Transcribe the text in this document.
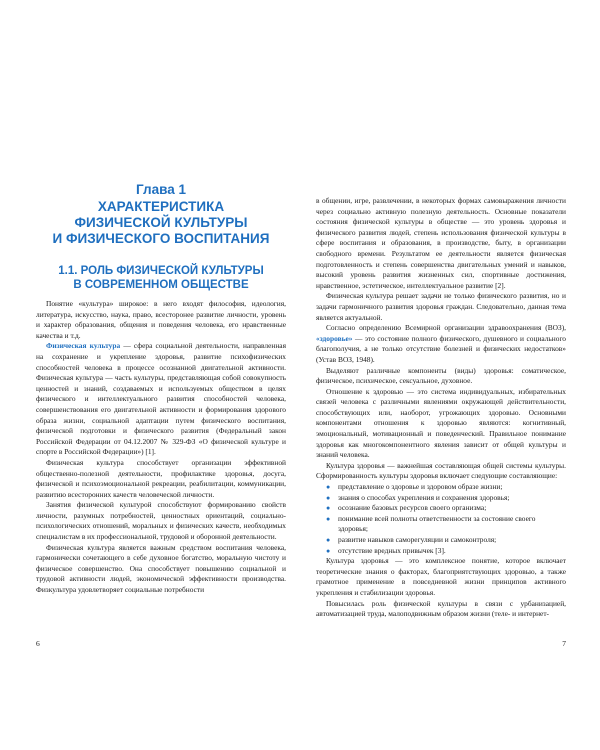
Глава 1
ХАРАКТЕРИСТИКА
ФИЗИЧЕСКОЙ КУЛЬТУРЫ
И ФИЗИЧЕСКОГО ВОСПИТАНИЯ
1.1. РОЛЬ ФИЗИЧЕСКОЙ КУЛЬТУРЫ
В СОВРЕМЕННОМ ОБЩЕСТВЕ

Понятие «культура» широкое: в него входят философия, идеология, литература, искусство, наука, право, всесторонее развитие личности, уровень и характер образования, общения и поведения человека, его нравственные качества и т.д.

Физическая культура — сфера социальной деятельности, направленная на сохранение и укрепление здоровья, развитие психофизических способностей человека в процессе осознанной двигательной активности. Физическая культура — часть культуры, представляющая собой совокупность ценностей и знаний, создаваемых и используемых обществом в целях физического и интеллектуального развития способностей человека, совершенствования его двигательной активности и формирования здорового образа жизни, социальной адаптации путем физического воспитания, физической подготовки и физического развития (Федеральный закон Российской Федерации от 04.12.2007 № 329-ФЗ «О физической культуре и спорте в Российской Федерации») [1].

Физическая культура способствует организации эффективной общественно-полезной деятельности, профилактике здоровья, досуга, физической и психоэмоциональной рекреации, реабилитации, коммуникации, развитию всесторонних качеств человеческой личности.

Занятия физической культурой способствуют формированию свойств личности, разумных потребностей, ценностных ориентаций, социально-психологических отношений, моральных и физических качеств, необходимых специалистам в их профессиональной, трудовой и оборонной деятельности.

Физическая культура является важным средством воспитания человека, гармонически сочетающего в себе духовное богатство, моральную чистоту и физическое совершенство. Она способствует повышению социальной и трудовой активности людей, экономической эффективности производства. Физкультура удовлетворяет социальные потребности

6

в общении, игре, развлечении, в некоторых формах самовыражения личности через социально активную полезную деятельность. Основные показатели состояния физической культуры в обществе — это уровень здоровья и физического развития людей, степень использования физической культуры в сфере воспитания и образования, в производстве, быту, в организации свободного времени. Результатом ее деятельности является физическая подготовленность и степень совершенства двигательных умений и навыков, высокий уровень развития жизненных сил, спортивные достижения, нравственное, эстетическое, интеллектуальное развитие [2].

Физическая культура решает задачи не только физического развития, но и задачи гармоничного развития здоровья граждан. Следовательно, данная тема является актуальной.

Согласно определению Всемирной организации здравоохранения (ВОЗ), «здоровье» — это состояние полного физического, душевного и социального благополучия, а не только отсутствие болезней и физических недостатков» (Устав ВОЗ, 1948).

Выделяют различные компоненты (виды) здоровья: соматическое, физическое, психическое, сексуальное, духовное.

Отношение к здоровью — это система индивидуальных, избирательных связей человека с различными явлениями окружающей действительности, способствующих или, наоборот, угрожающих здоровью. Основными компонентами отношения к здоровью являются: когнитивный, эмоциональный, мотивационный и поведенческий. Правильное понимание здоровья как многокомпонентного явления зависит от общей культуры и знаний человека.

Культура здоровья — важнейшая составляющая общей системы культуры. Сформированность культуры здоровья включает следующие составляющие:

● представление о здоровье и здоровом образе жизни;
● знания о способах укрепления и сохранения здоровья;
● осознание базовых ресурсов своего организма;
● понимание всей полноты ответственности за состояние своего здоровья;
● развитие навыков саморегуляции и самоконтроля;
● отсутствие вредных привычек [3].

Культура здоровья — это комплексное понятие, которое включает теоретические знания о факторах, благоприятствующих здоровью, а также грамотное применение в повседневной жизни принципов активного укрепления и стабилизации здоровья.

Повысилась роль физической культуры в связи с урбанизацией, автоматизацией труда, малоподвижным образом жизни (теле- и интернет-

7
